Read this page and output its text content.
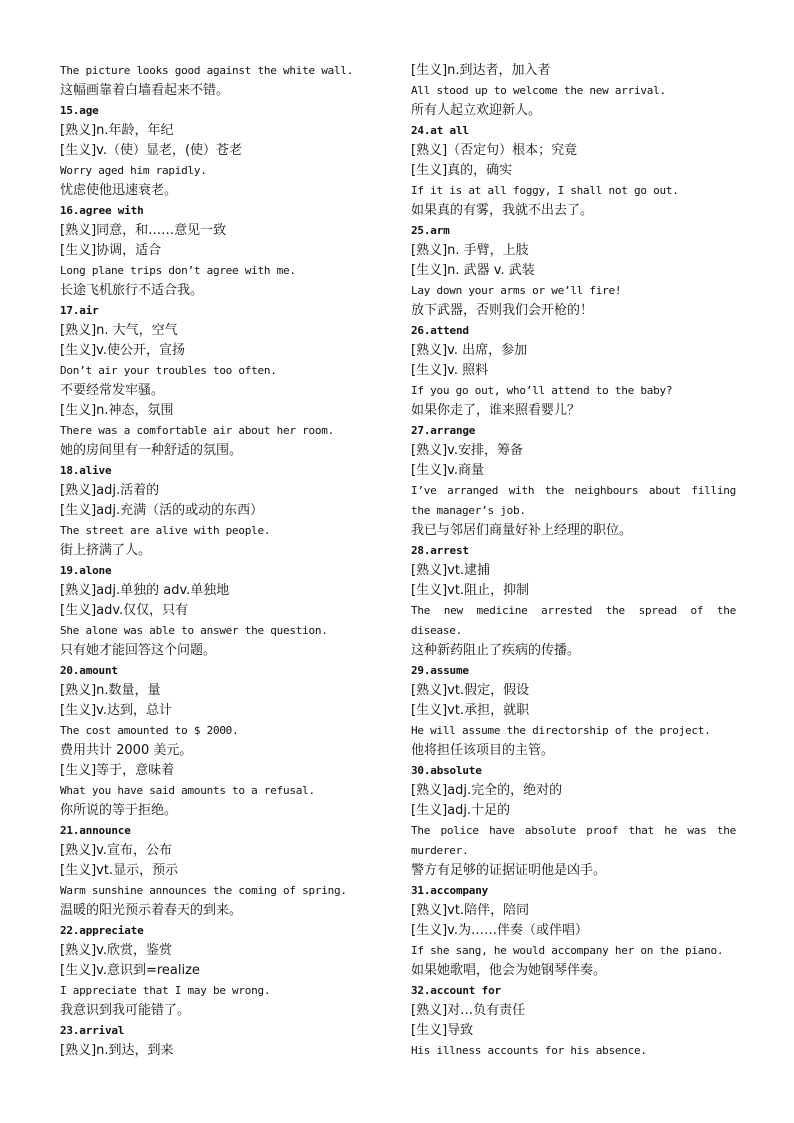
The picture looks good against the white wall.
这幅画靠着白墙看起来不错。
15.age
[熟义]n.年龄，年纪
[生义]v.（使）显老，(使）苍老
Worry aged him rapidly.
忧虑使他迅速衰老。
16.agree with
[熟义]同意，和……意见一致
[生义]协调，适合
Long plane trips don’t agree with me.
长途飞机旅行不适合我。
17.air
[熟义]n. 大气，空气
[生义]v.使公开，宣扬
Don’t air your troubles too often.
不要经常发牢骚。
[生义]n.神态，氛围
There was a comfortable air about her room.
她的房间里有一种舒适的氛围。
18.alive
[熟义]adj.活着的
[生义]adj.充满（活的或动的东西）
The street are alive with people.
街上挤满了人。
19.alone
[熟义]adj.单独的 adv.单独地
[生义]adv.仅仅，只有
She alone was able to answer the question.
只有她才能回答这个问题。
20.amount
[熟义]n.数量，量
[生义]v.达到，总计
The cost amounted to $ 2000.
费用共计 2000 美元。
[生义]等于，意味着
What you have said amounts to a refusal.
你所说的等于拒绝。
21.announce
[熟义]v.宣布，公布
[生义]vt.显示，预示
Warm sunshine announces the coming of spring.
温暖的阳光预示着春天的到来。
22.appreciate
[熟义]v.欣赏，鉴赏
[生义]v.意识到=realize
I appreciate that I may be wrong.
我意识到我可能错了。
23.arrival
[熟义]n.到达，到来
[生义]n.到达者，加入者
All stood up to welcome the new arrival.
所有人起立欢迎新人。
24.at all
[熟义]（否定句）根本；究竟
[生义]真的，确实
If it is at all foggy, I shall not go out.
如果真的有雾，我就不出去了。
25.arm
[熟义]n. 手臂，上肢
[生义]n. 武器 v. 武装
Lay down your arms or we’ll fire!
放下武器，否则我们会开枪的！
26.attend
[熟义]v. 出席，参加
[生义]v. 照料
If you go out, who’ll attend to the baby?
如果你走了，谁来照看婴儿？
27.arrange
[熟义]v.安排，筹备
[生义]v.商量
I’ve arranged with the neighbours about filling
the manager’s job.
我已与邻居们商量好补上经理的职位。
28.arrest
[熟义]vt.逮捕
[生义]vt.阻止，抑制
The new medicine arrested the spread of the
disease.
这种新药阻止了疾病的传播。
29.assume
[熟义]vt.假定，假设
[生义]vt.承担，就职
He will assume the directorship of the project.
他将担任该项目的主管。
30.absolute
[熟义]adj.完全的，绝对的
[生义]adj.十足的
The police have absolute proof that he was the
murderer.
警方有足够的证据证明他是凶手。
31.accompany
[熟义]vt.陪伴，陪同
[生义]v.为……伴奏（或伴唱）
If she sang, he would accompany her on the piano.
如果她歌唱，他会为她钢琴伴奏。
32.account for
[熟义]对…负有责任
[生义]导致
His illness accounts for his absence.
